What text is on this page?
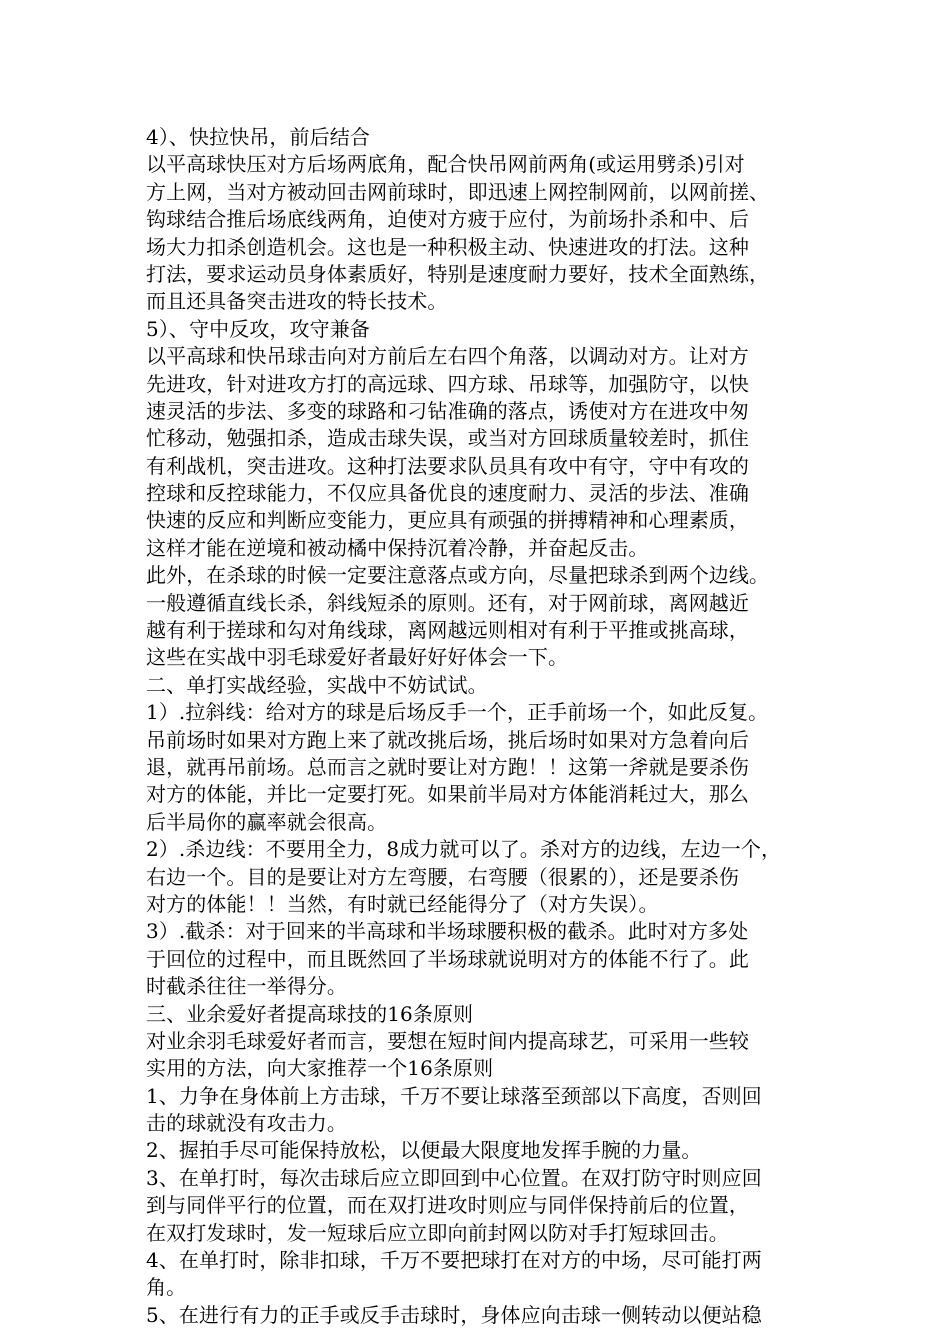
4）、快拉快吊，前后结合
以平高球快压对方后场两底角，配合快吊网前两角(或运用劈杀)引对
方上网，当对方被动回击网前球时，即迅速上网控制网前，以网前搓、
钩球结合推后场底线两角，迫使对方疲于应付，为前场扑杀和中、后
场大力扣杀创造机会。这也是一种积极主动、快速进攻的打法。这种
打法，要求运动员身体素质好，特别是速度耐力要好，技术全面熟练，
而且还具备突击进攻的特长技术。
5）、守中反攻，攻守兼备
以平高球和快吊球击向对方前后左右四个角落，以调动对方。让对方
先进攻，针对进攻方打的高远球、四方球、吊球等，加强防守，以快
速灵活的步法、多变的球路和刁钻准确的落点，诱使对方在进攻中匆
忙移动，勉强扣杀，造成击球失误，或当对方回球质量较差时，抓住
有利战机，突击进攻。这种打法要求队员具有攻中有守，守中有攻的
控球和反控球能力，不仅应具备优良的速度耐力、灵活的步法、准确
快速的反应和判断应变能力，更应具有顽强的拼搏精神和心理素质，
这样才能在逆境和被动橘中保持沉着冷静，并奋起反击。
此外，在杀球的时候一定要注意落点或方向，尽量把球杀到两个边线。
一般遵循直线长杀，斜线短杀的原则。还有，对于网前球，离网越近
越有利于搓球和勾对角线球，离网越远则相对有利于平推或挑高球，
这些在实战中羽毛球爱好者最好好好体会一下。
二、单打实战经验，实战中不妨试试。
1）.拉斜线：给对方的球是后场反手一个，正手前场一个，如此反复。
吊前场时如果对方跑上来了就改挑后场，挑后场时如果对方急着向后
退，就再吊前场。总而言之就时要让对方跑！！这第一斧就是要杀伤
对方的体能，并比一定要打死。如果前半局对方体能消耗过大，那么
后半局你的赢率就会很高。
2）.杀边线：不要用全力，8成力就可以了。杀对方的边线，左边一个，
右边一个。目的是要让对方左弯腰，右弯腰（很累的），还是要杀伤
对方的体能！！当然，有时就已经能得分了（对方失误）。
3）.截杀：对于回来的半高球和半场球腰积极的截杀。此时对方多处
于回位的过程中，而且既然回了半场球就说明对方的体能不行了。此
时截杀往往一举得分。
三、业余爱好者提高球技的16条原则
对业余羽毛球爱好者而言，要想在短时间内提高球艺，可采用一些较
实用的方法，向大家推荐一个16条原则
1、力争在身体前上方击球，千万不要让球落至颈部以下高度，否则回
击的球就没有攻击力。
2、握拍手尽可能保持放松，以便最大限度地发挥手腕的力量。
3、在单打时，每次击球后应立即回到中心位置。在双打防守时则应回
到与同伴平行的位置，而在双打进攻时则应与同伴保持前后的位置，
在双打发球时，发一短球后应立即向前封网以防对手打短球回击。
4、在单打时，除非扣球，千万不要把球打在对方的中场，尽可能打两
角。
5、在进行有力的正手或反手击球时，身体应向击球一侧转动以便站稳
